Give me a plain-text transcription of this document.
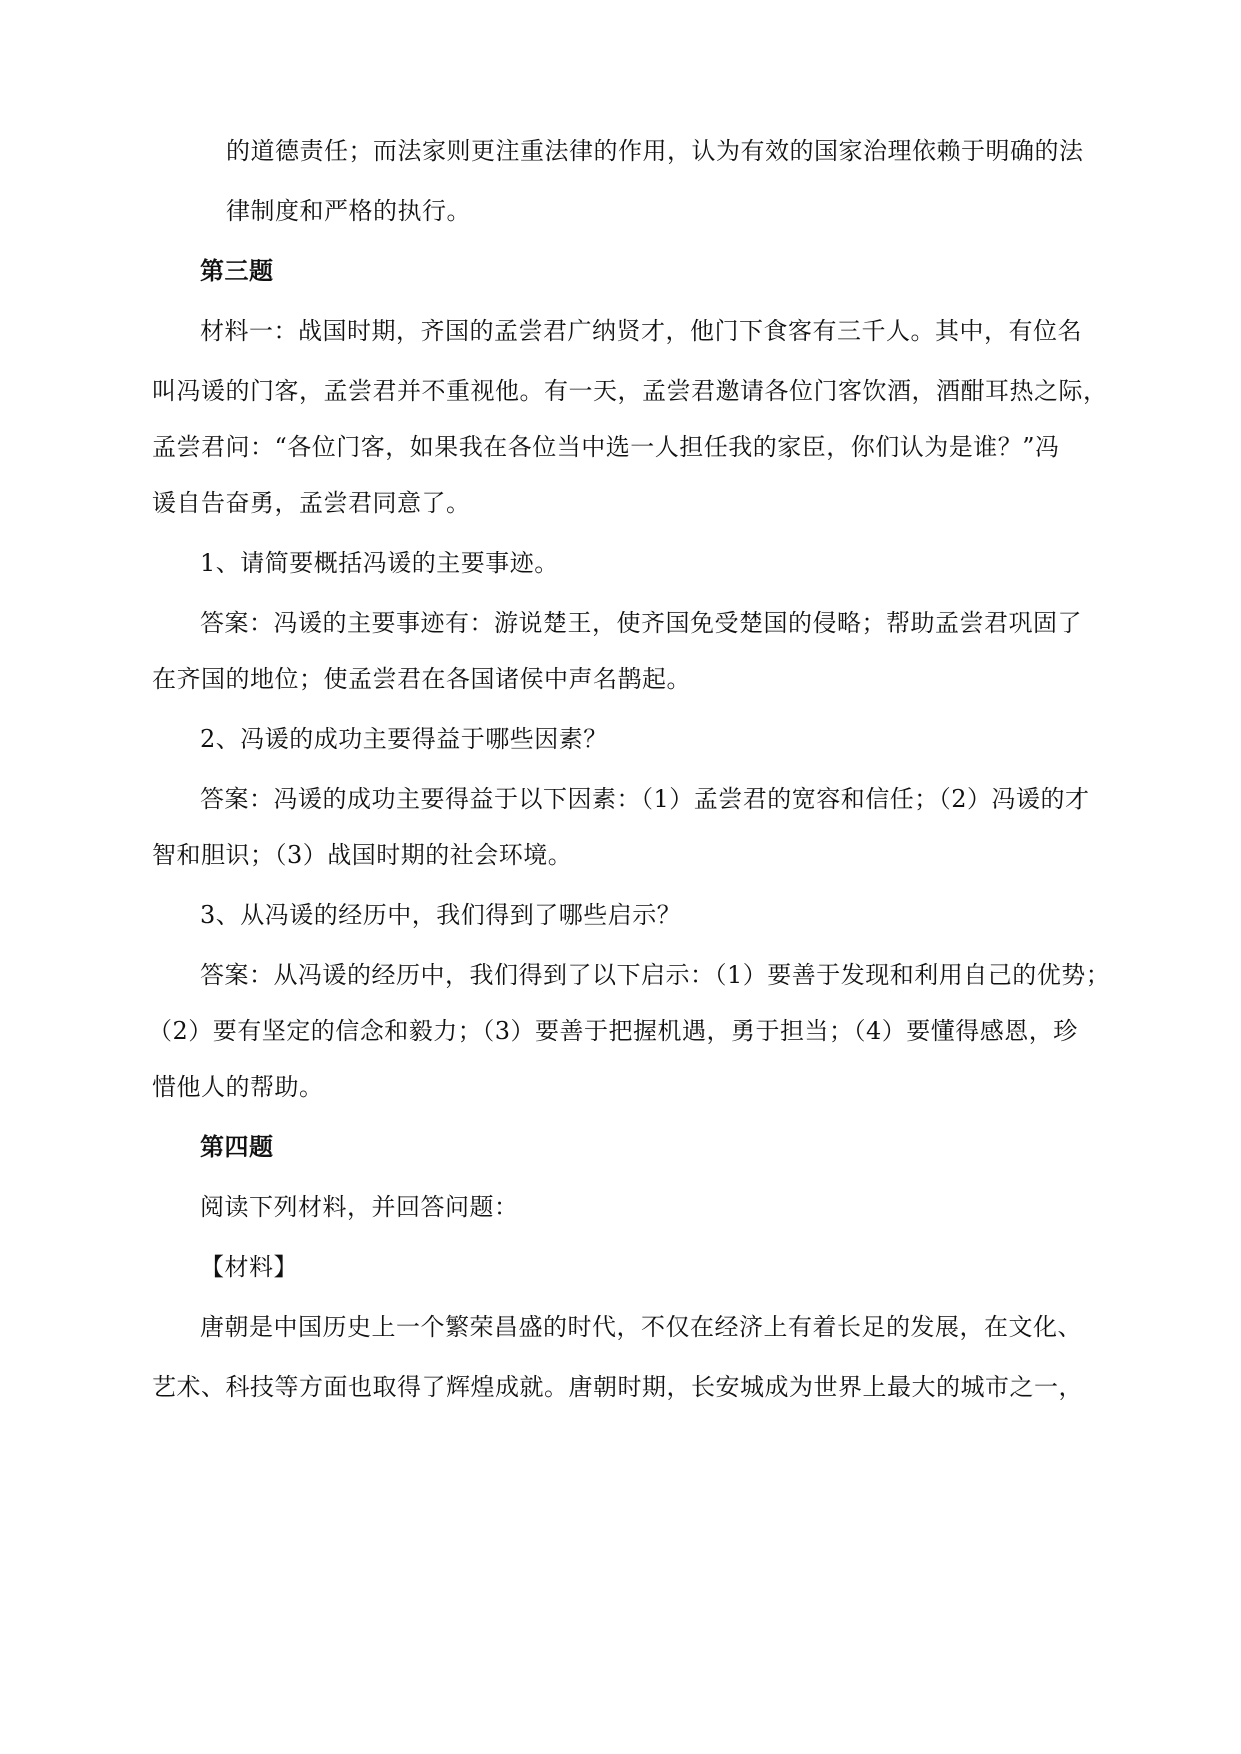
的道德责任；而法家则更注重法律的作用，认为有效的国家治理依赖于明确的法
律制度和严格的执行。
第三题
材料一：战国时期，齐国的孟尝君广纳贤才，他门下食客有三千人。其中，有位名
叫冯谖的门客，孟尝君并不重视他。有一天，孟尝君邀请各位门客饮酒，酒酣耳热之际，
孟尝君问：“各位门客，如果我在各位当中选一人担任我的家臣，你们认为是谁？”冯
谖自告奋勇，孟尝君同意了。
1、请简要概括冯谖的主要事迹。
答案：冯谖的主要事迹有：游说楚王，使齐国免受楚国的侵略；帮助孟尝君巩固了
在齐国的地位；使孟尝君在各国诸侯中声名鹊起。
2、冯谖的成功主要得益于哪些因素？
答案：冯谖的成功主要得益于以下因素：（1）孟尝君的宽容和信任；（2）冯谖的才
智和胆识；（3）战国时期的社会环境。
3、从冯谖的经历中，我们得到了哪些启示？
答案：从冯谖的经历中，我们得到了以下启示：（1）要善于发现和利用自己的优势；
（2）要有坚定的信念和毅力；（3）要善于把握机遇，勇于担当；（4）要懂得感恩，珍
惜他人的帮助。
第四题
阅读下列材料，并回答问题：
【材料】
唐朝是中国历史上一个繁荣昌盛的时代，不仅在经济上有着长足的发展，在文化、
艺术、科技等方面也取得了辉煌成就。唐朝时期，长安城成为世界上最大的城市之一，
